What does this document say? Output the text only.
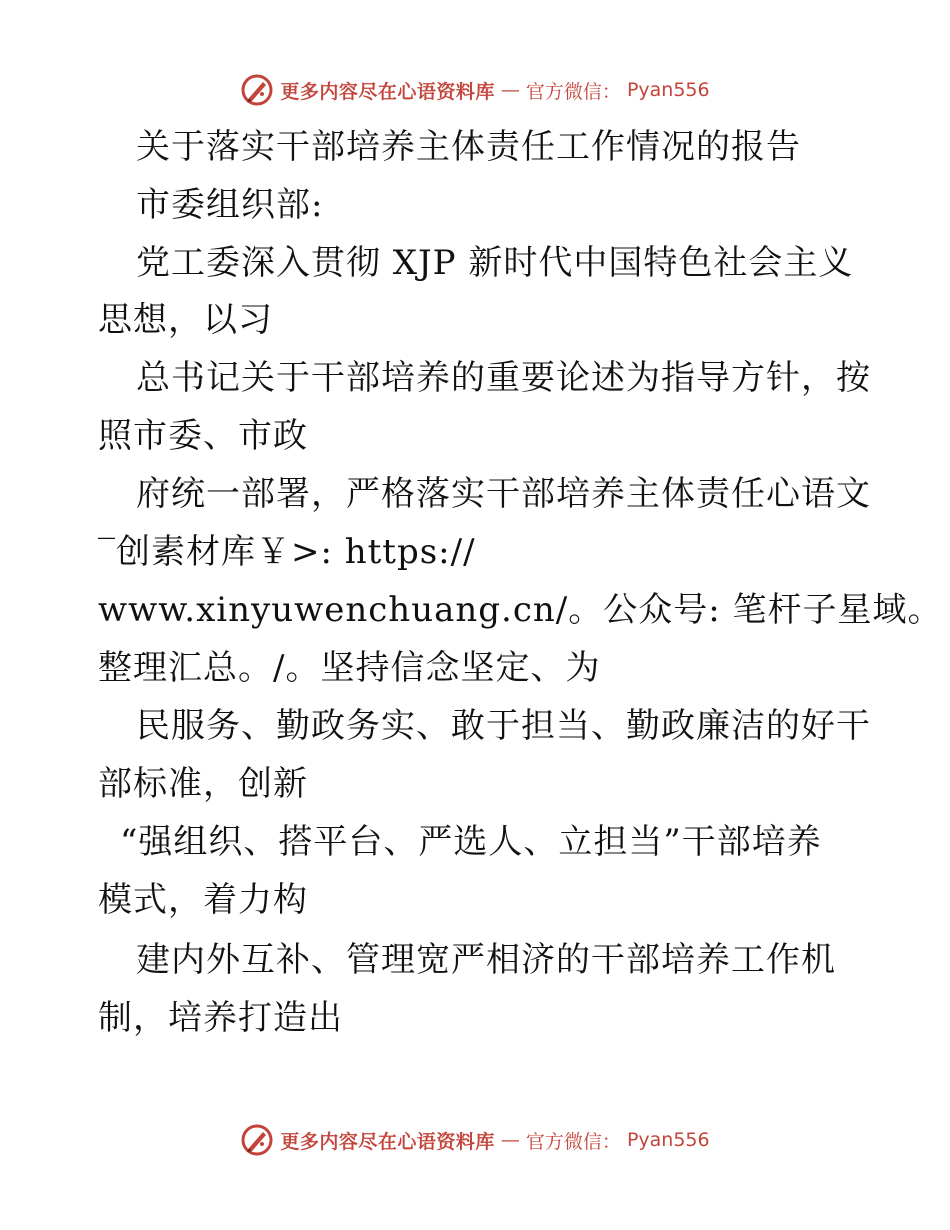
更多内容尽在心语资料库 — 官方微信： Pyan556
关于落实干部培养主体责任工作情况的报告
市委组织部:
党工委深入贯彻 XJP 新时代中国特色社会主义
思想，以习
总书记关于干部培养的重要论述为指导方针，按
照市委、市政
府统一部署，严格落实干部培养主体责任心语文
‾创素材库￥>: https://
www.xinyuwenchuang.cn/。公众号: 笔杆子星域。
整理汇总。/。坚持信念坚定、为
民服务、勤政务实、敢于担当、勤政廉洁的好干
部标准，创新
“强组织、搭平台、严选人、立担当”干部培养
模式，着力构
建内外互补、管理宽严相济的干部培养工作机
制，培养打造出
更多内容尽在心语资料库 — 官方微信： Pyan556
